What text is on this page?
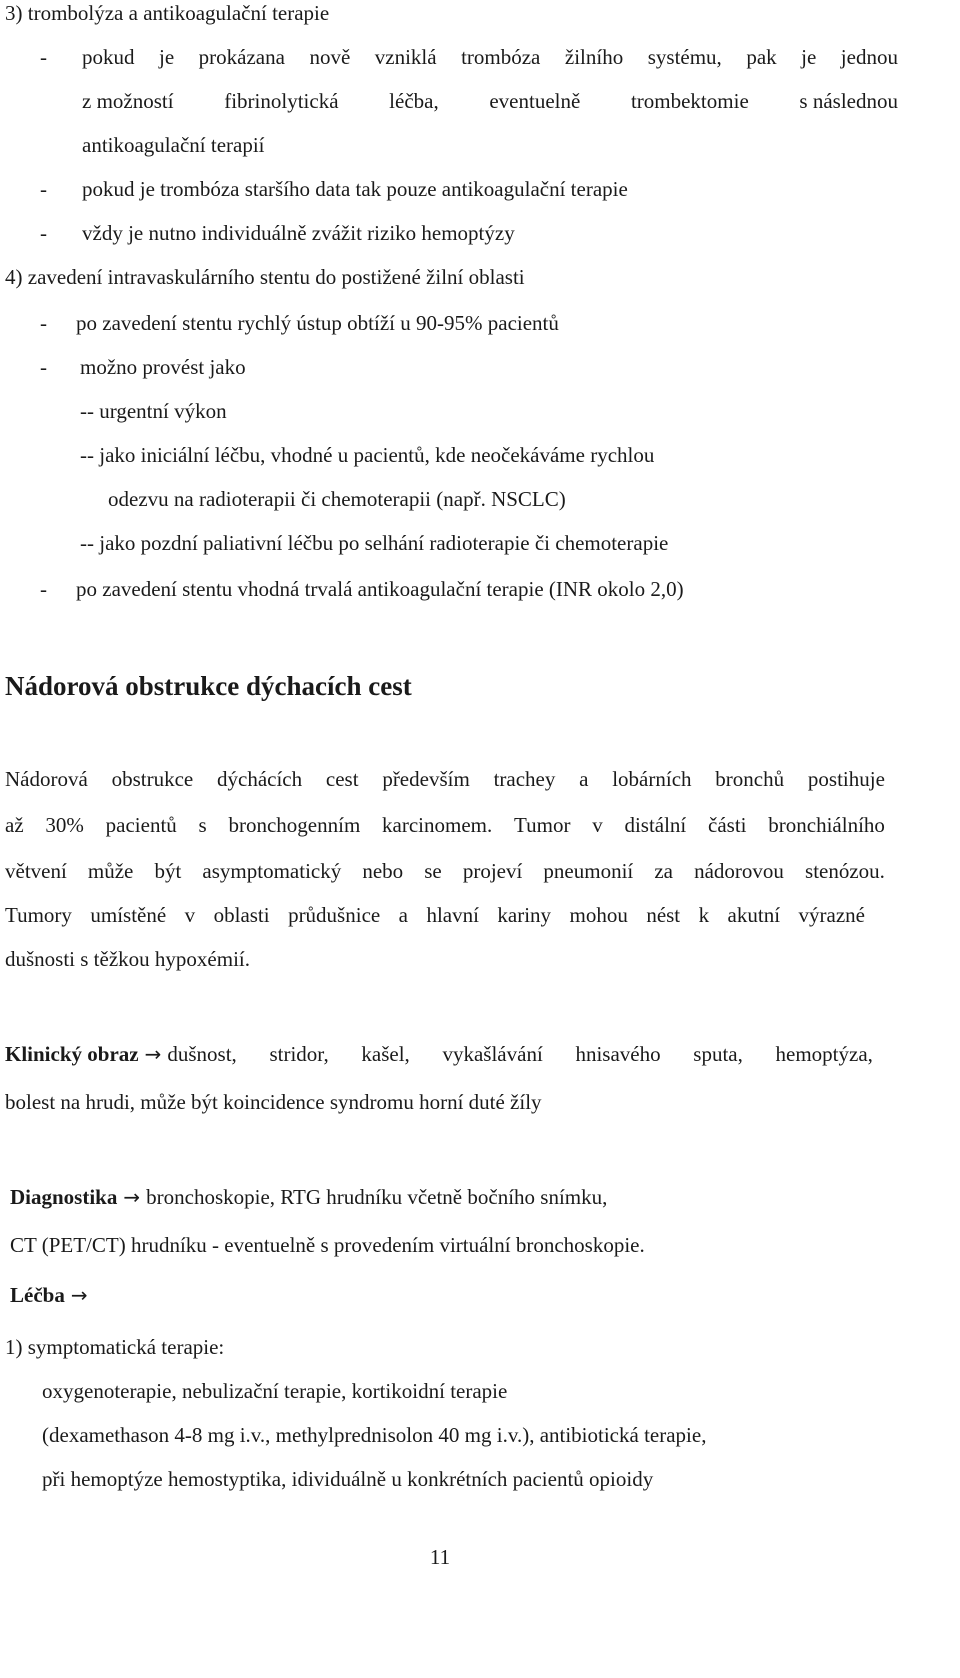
3) trombolýza a antikoagulační terapie
- pokud je prokázana nově vzniklá trombóza žilního systému, pak je jednou
z možností fibrinolytická léčba, eventuelně trombektomie s následnou
antikoagulační terapií
- pokud je trombóza staršího data tak pouze antikoagulační terapie
- vždy je nutno individuálně zvážit riziko hemoptýzy
4) zavedení intravaskulárního stentu do postižené žilní oblasti
- po zavedení stentu rychlý ústup obtíží u 90-95% pacientů
- možno provést jako
-- urgentní výkon
-- jako iniciální léčbu, vhodné u pacientů, kde neočekáváme rychlou
odezvu na radioterapii či chemoterapii (např. NSCLC)
-- jako pozdní paliativní léčbu po selhání radioterapie či chemoterapie
- po zavedení stentu vhodná trvalá antikoagulační terapie (INR okolo 2,0)
Nádorová obstrukce dýchacích cest
Nádorová obstrukce dýchácích cest především trachey a lobárních bronchů postihuje
až 30% pacientů s bronchogenním karcinomem. Tumor v distální části bronchiálního
větvení může být asymptomatický nebo se projeví pneumonií za nádorovou stenózou.
Tumory umístěné v oblasti průdušnice a hlavní kariny mohou nést k akutní výrazné
dušnosti s těžkou hypoxémií.
Klinický obraz → dušnost, stridor, kašel, vykašlávání hnisavého sputa, hemoptýza,
bolest na hrudi, může být koincidence syndromu horní duté žíly
Diagnostika → bronchoskopie, RTG hrudníku včetně bočního snímku,
CT (PET/CT) hrudníku - eventuelně s provedením virtuální bronchoskopie.
Léčba →
1) symptomatická terapie:
oxygenoterapie, nebulizační terapie, kortikoidní terapie
(dexamethason 4-8 mg i.v., methylprednisolon 40 mg i.v.), antibiotická terapie,
při hemoptýze hemostyptika, idividuálně u konkrétních pacientů opioidy
11
